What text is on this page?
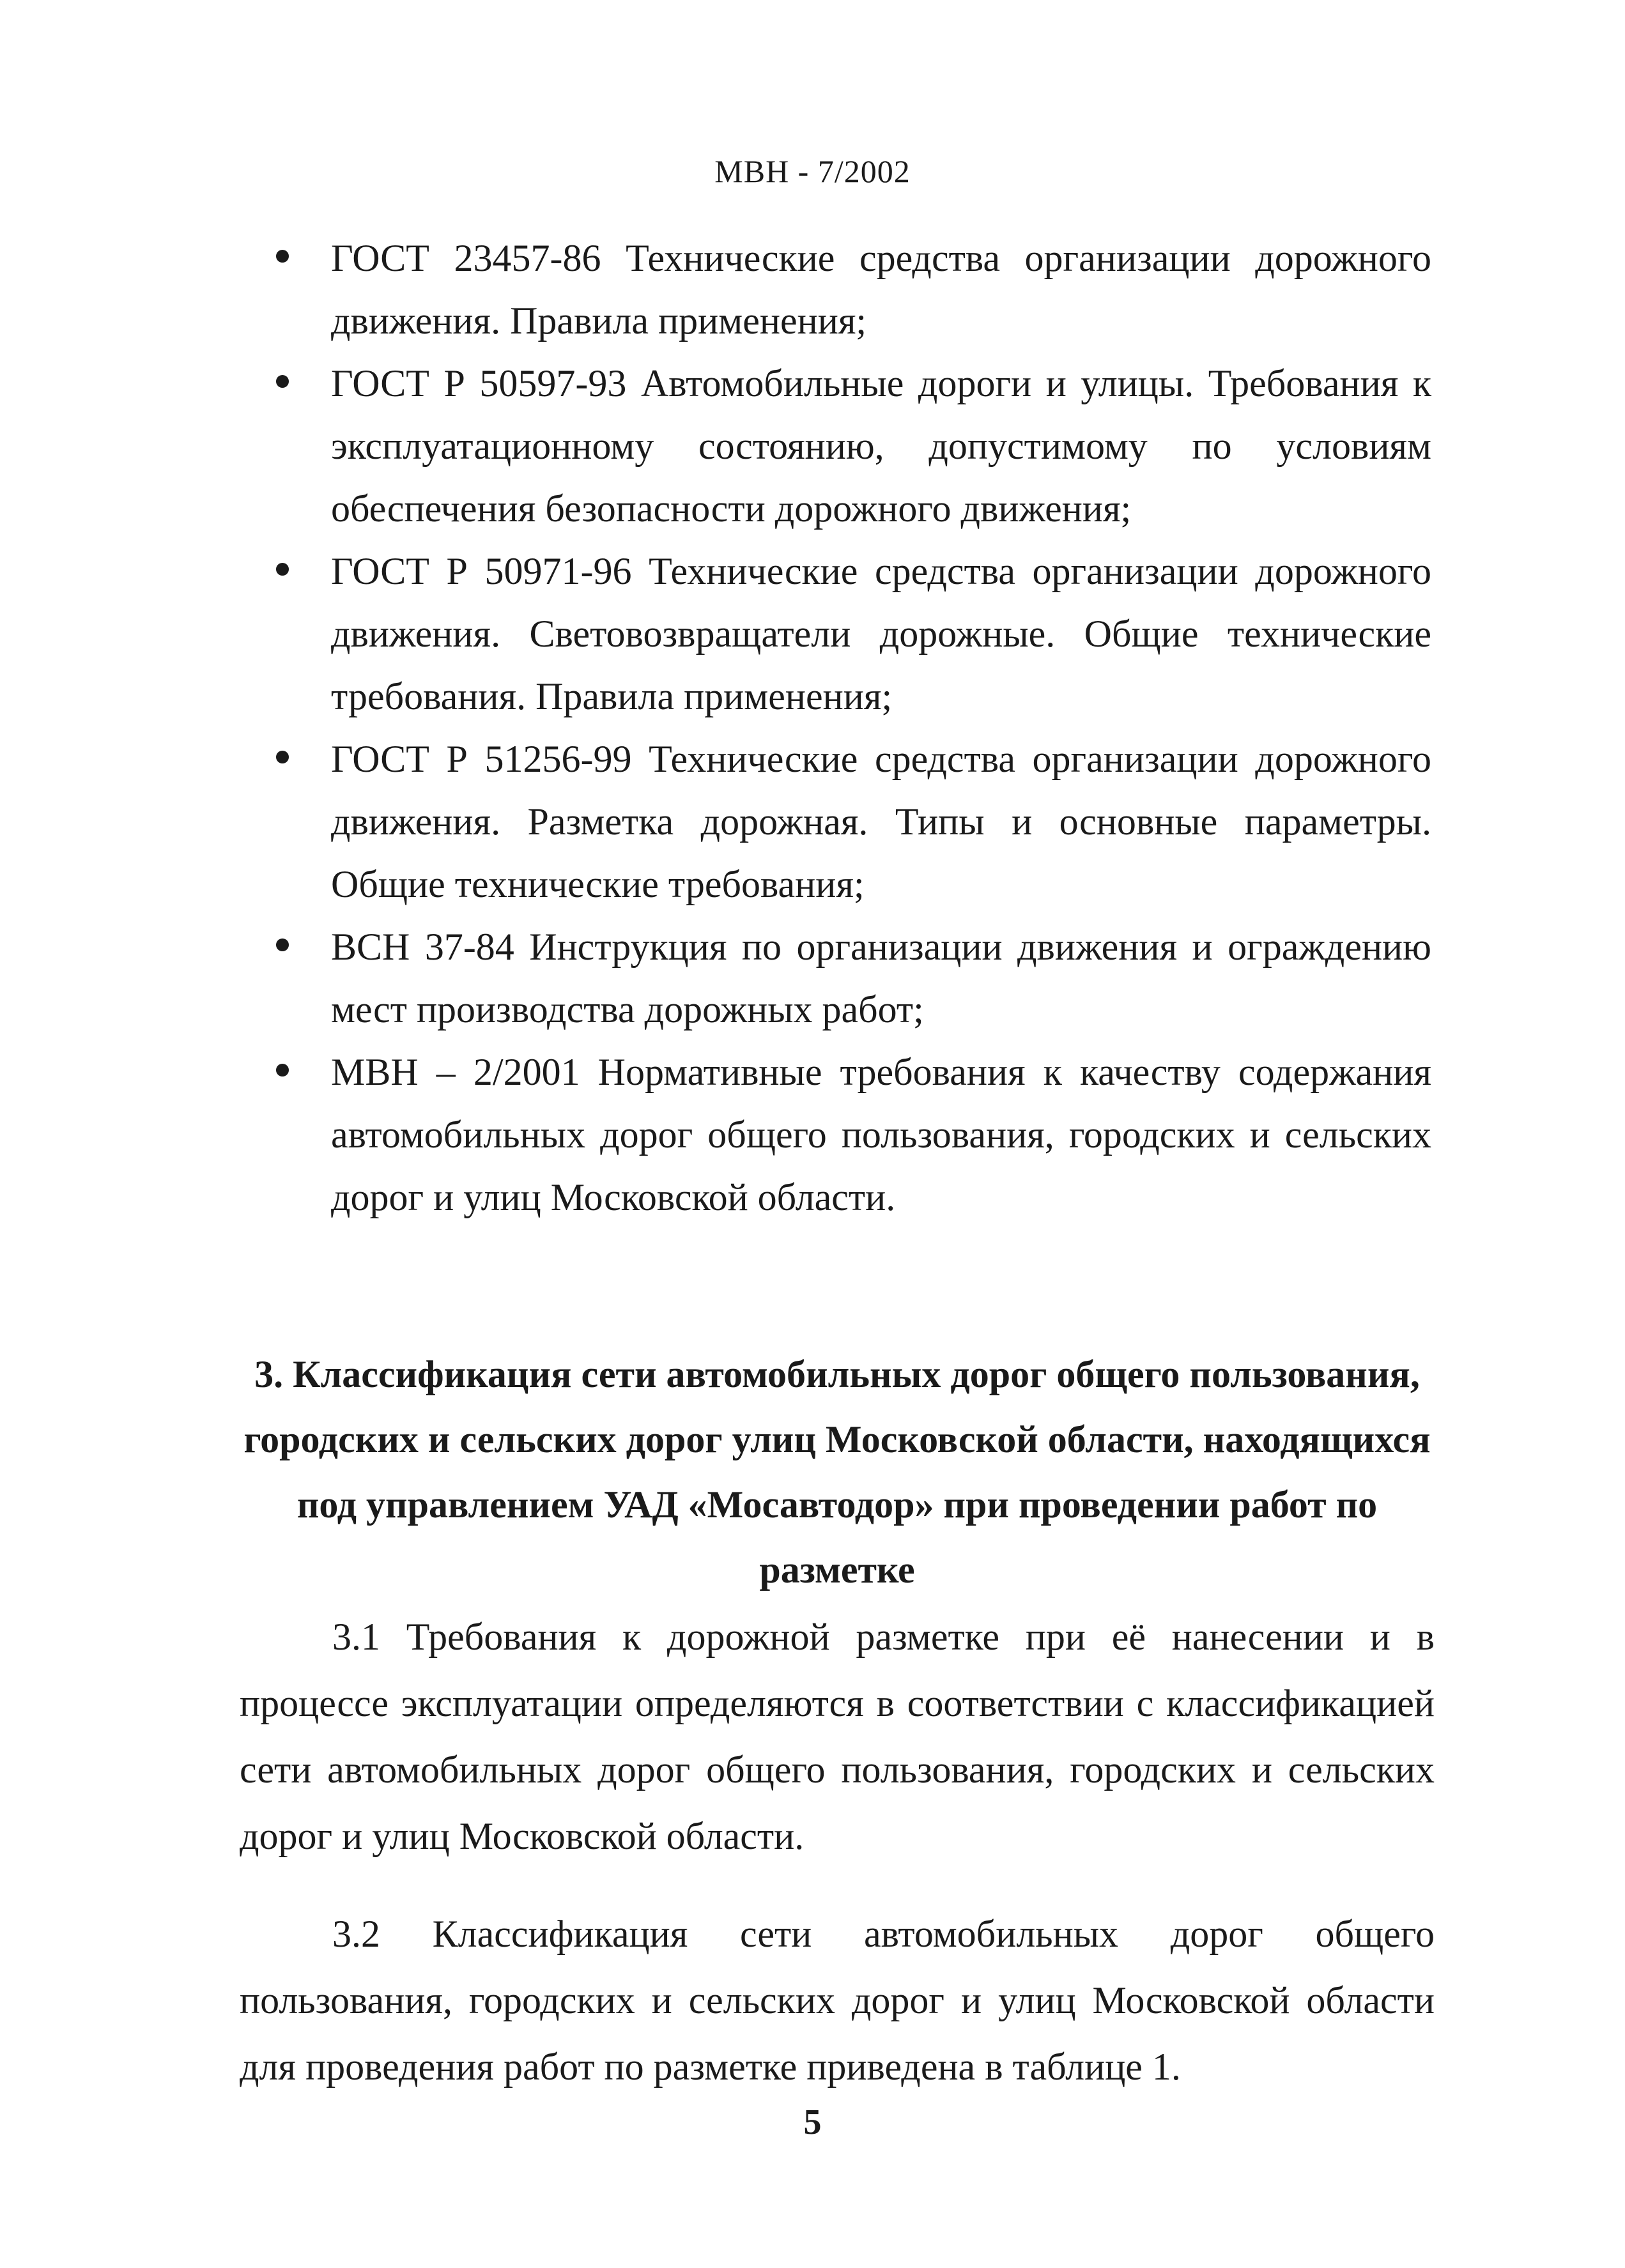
МВН - 7/2002
ГОСТ 23457-86 Технические средства организации дорожного движения. Правила применения;
ГОСТ Р 50597-93 Автомобильные дороги и улицы. Требования к эксплуатационному состоянию, допустимому по условиям обеспечения безопасности дорожного движения;
ГОСТ Р 50971-96 Технические средства организации дорожного движения. Световозвращатели дорожные. Общие технические требования. Правила применения;
ГОСТ Р 51256-99 Технические средства организации дорожного движения. Разметка дорожная. Типы и основные параметры. Общие технические требования;
ВСН 37-84 Инструкция по организации движения и ограждению мест производства дорожных работ;
МВН – 2/2001 Нормативные требования к качеству содержания автомобильных дорог общего пользования, городских и сельских дорог и улиц Московской области.
3. Классификация сети автомобильных дорог общего пользования, городских и сельских дорог улиц Московской области, находящихся под управлением УАД «Мосавтодор» при проведении работ по разметке

3.1 Требования к дорожной разметке при её нанесении и в процессе эксплуатации определяются в соответствии с классификацией сети автомобильных дорог общего пользования, городских и сельских дорог и улиц Московской области.

3.2 Классификация сети автомобильных дорог общего пользования, городских и сельских дорог и улиц Московской области для проведения работ по разметке приведена в таблице 1.

5
